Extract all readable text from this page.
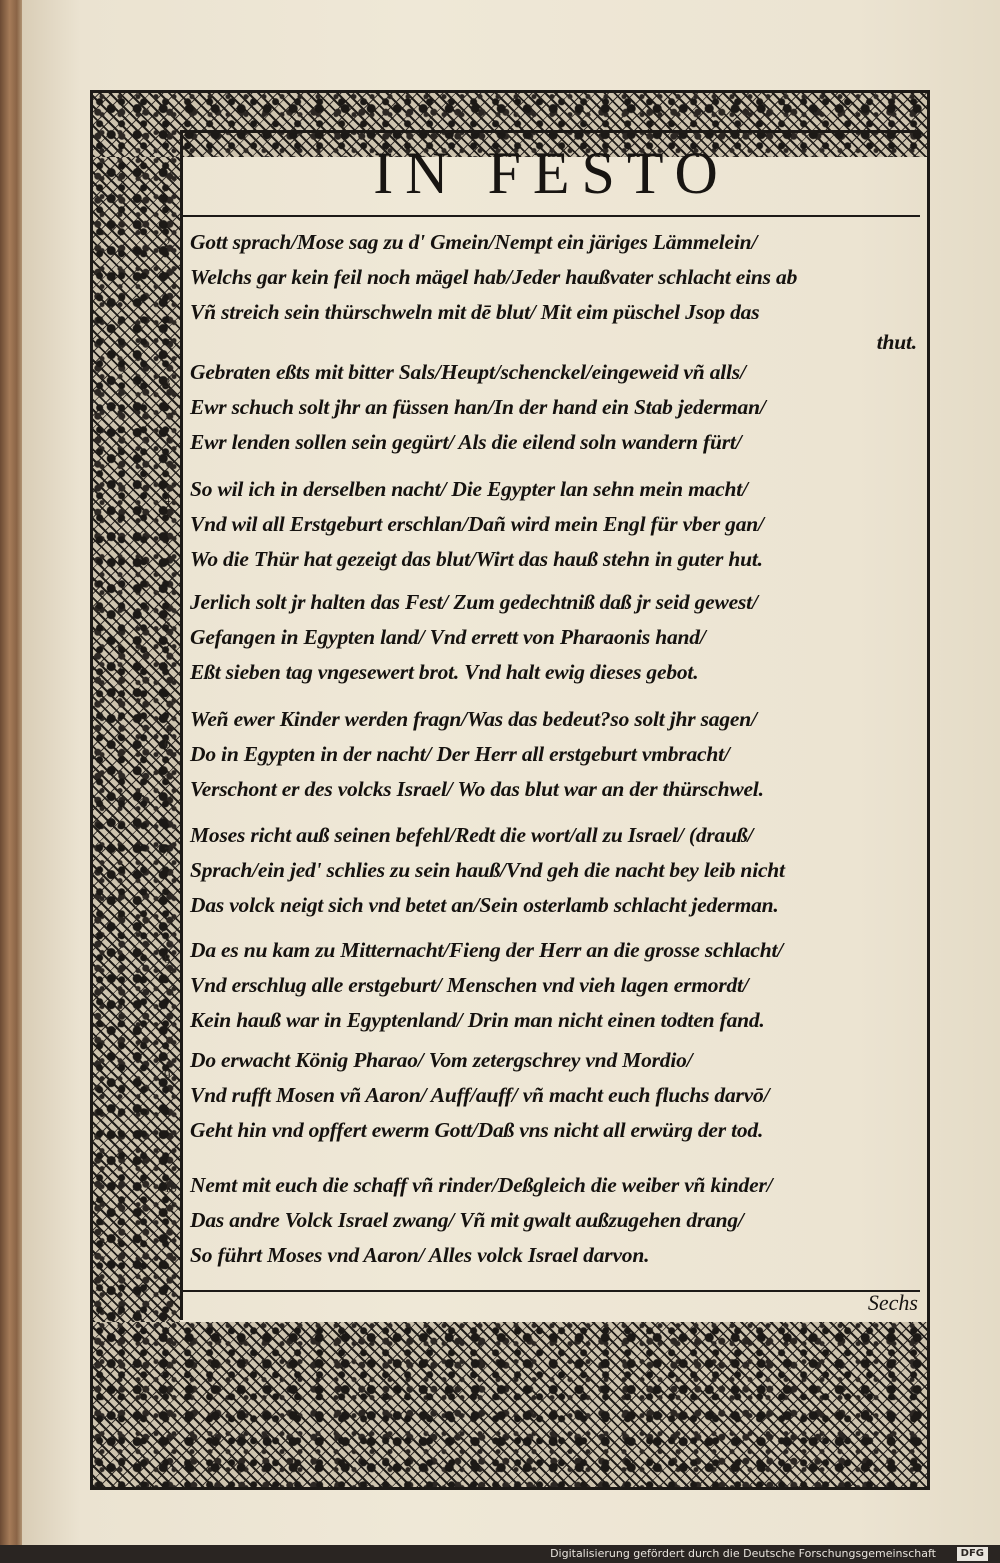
IN FESTO
2 Gott sprach/Mose sag zu d' Gmein/Nempt ein järiges Lämmelein/
Welchs gar kein feil noch mägel hab/Jeder haußvater schlacht eins ab
Vñ streich sein thürschweln mit dē blut/ Mit eim püschel Jsop das
thut.
3 Gebraten eßts mit bitter Sals/Heupt/schenckel/eingeweid vñ alls/
Ewr schuch solt jhr an füssen han/In der hand ein Stab jederman/
Ewr lenden sollen sein gegürt/ Als die eilend soln wandern fürt/
4 So wil ich in derselben nacht/ Die Egypter lan sehn mein macht/
Vnd wil all Erstgeburt erschlan/Dañ wird mein Engl für vber gan/
Wo die Thür hat gezeigt das blut/Wirt das hauß stehn in guter hut.
5
Jerlich solt jr halten das Fest/ Zum gedechtniß daß jr seid gewest/
Gefangen in Egypten land/ Vnd errett von Pharaonis hand/
Eßt sieben tag vngesewert brot. Vnd halt ewig dieses gebot.
6
Weñ ewer Kinder werden fragn/Was das bedeut?so solt jhr sagen/
Do in Egypten in der nacht/ Der Herr all erstgeburt vmbracht/
Verschont er des volcks Israel/ Wo das blut war an der thürschwel.
7
Moses richt auß seinen befehl/Redt die wort/all zu Israel/ (drauß/
Sprach/ein jed' schlies zu sein hauß/Vnd geh die nacht bey leib nicht
Das volck neigt sich vnd betet an/Sein osterlamb schlacht jederman.
8 Da es nu kam zu Mitternacht/Fieng der Herr an die grosse schlacht/
Vnd erschlug alle erstgeburt/ Menschen vnd vieh lagen ermordt/
Kein hauß war in Egyptenland/ Drin man nicht einen todten fand.
9
Do erwacht König Pharao/ Vom zetergschrey vnd Mordio/
Vnd rufft Mosen vñ Aaron/ Auff/auff/ vñ macht euch fluchs darvō/
Geht hin vnd opffert ewerm Gott/Daß vns nicht all erwürg der tod.
10 Nemt mit euch die schaff vñ rinder/Deßgleich die weiber vñ kinder/
Das andre Volck Israel zwang/ Vñ mit gwalt außzugehen drang/
So führt Moses vnd Aaron/ Alles volck Israel darvon.
Sechs
Digitalisierung gefördert durch die Deutsche Forschungsgemeinschaft	DFG
